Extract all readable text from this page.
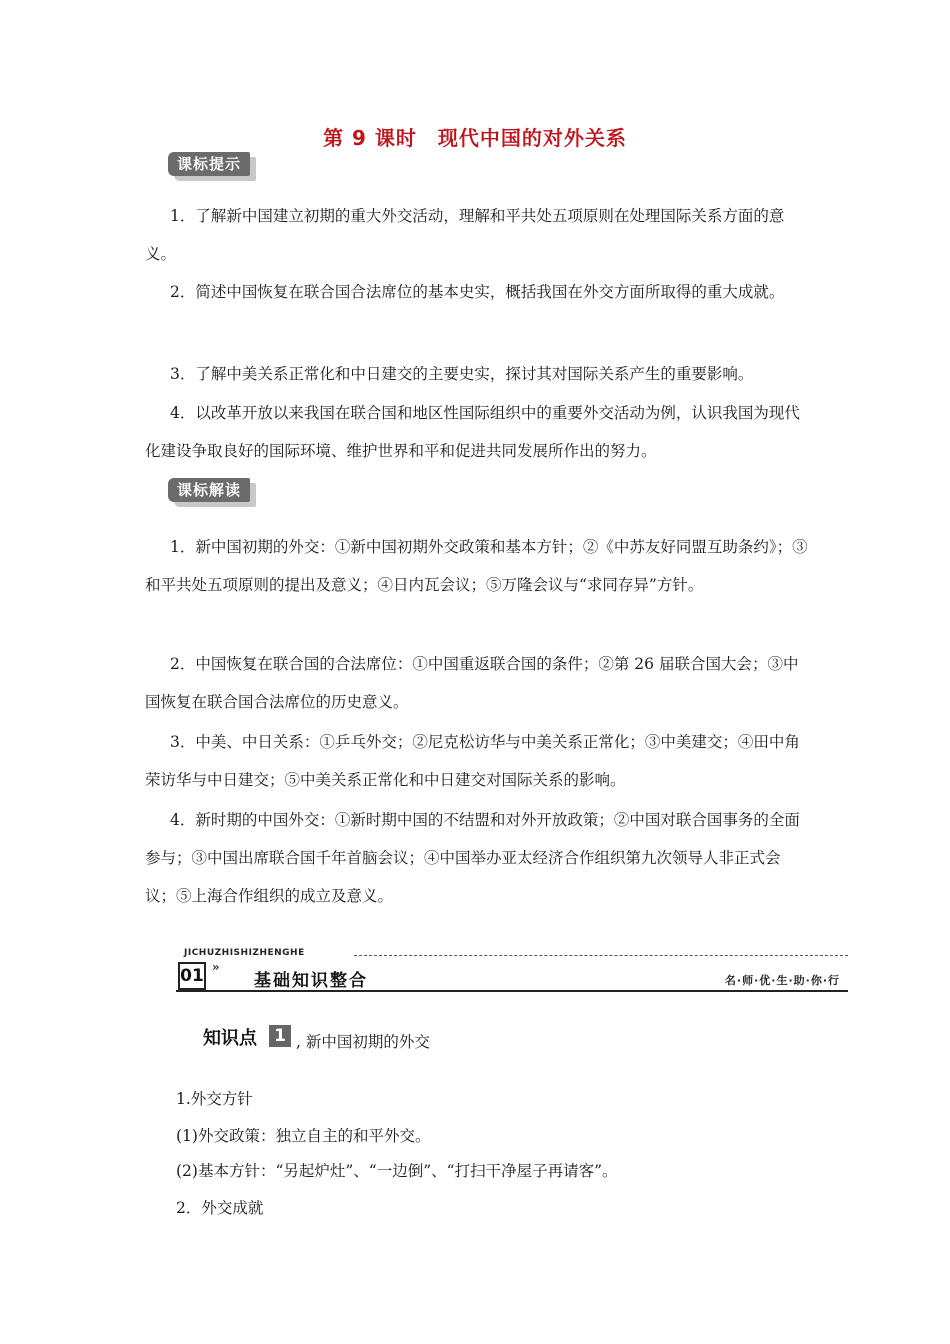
第 9 课时　现代中国的对外关系
课标提示

1．了解新中国建立初期的重大外交活动，理解和平共处五项原则在处理国际关系方面的意义。

2．简述中国恢复在联合国合法席位的基本史实，概括我国在外交方面所取得的重大成就。

3．了解中美关系正常化和中日建交的主要史实，探讨其对国际关系产生的重要影响。

4．以改革开放以来我国在联合国和地区性国际组织中的重要外交活动为例，认识我国为现代化建设争取良好的国际环境、维护世界和平和促进共同发展所作出的努力。

课标解读

1．新中国初期的外交：①新中国初期外交政策和基本方针；②《中苏友好同盟互助条约》；③和平共处五项原则的提出及意义；④日内瓦会议；⑤万隆会议与“求同存异”方针。

2．中国恢复在联合国的合法席位：①中国重返联合国的条件；②第 26 届联合国大会；③中国恢复在联合国合法席位的历史意义。

3．中美、中日关系：①乒乓外交；②尼克松访华与中美关系正常化；③中美建交；④田中角荣访华与中日建交；⑤中美关系正常化和中日建交对国际关系的影响。

4．新时期的中国外交：①新时期中国的不结盟和对外开放政策；②中国对联合国事务的全面参与；③中国出席联合国千年首脑会议；④中国举办亚太经济合作组织第九次领导人非正式会议；⑤上海合作组织的成立及意义。

JICHUZHISHIZHENGHE
01 »
基础知识整合	名·师·优·生·助·你·行
知识点 1 , 新中国初期的外交
1.外交方针
(1)外交政策：独立自主的和平外交。
(2)基本方针：“另起炉灶”、“一边倒”、“打扫干净屋子再请客”。
2．外交成就
